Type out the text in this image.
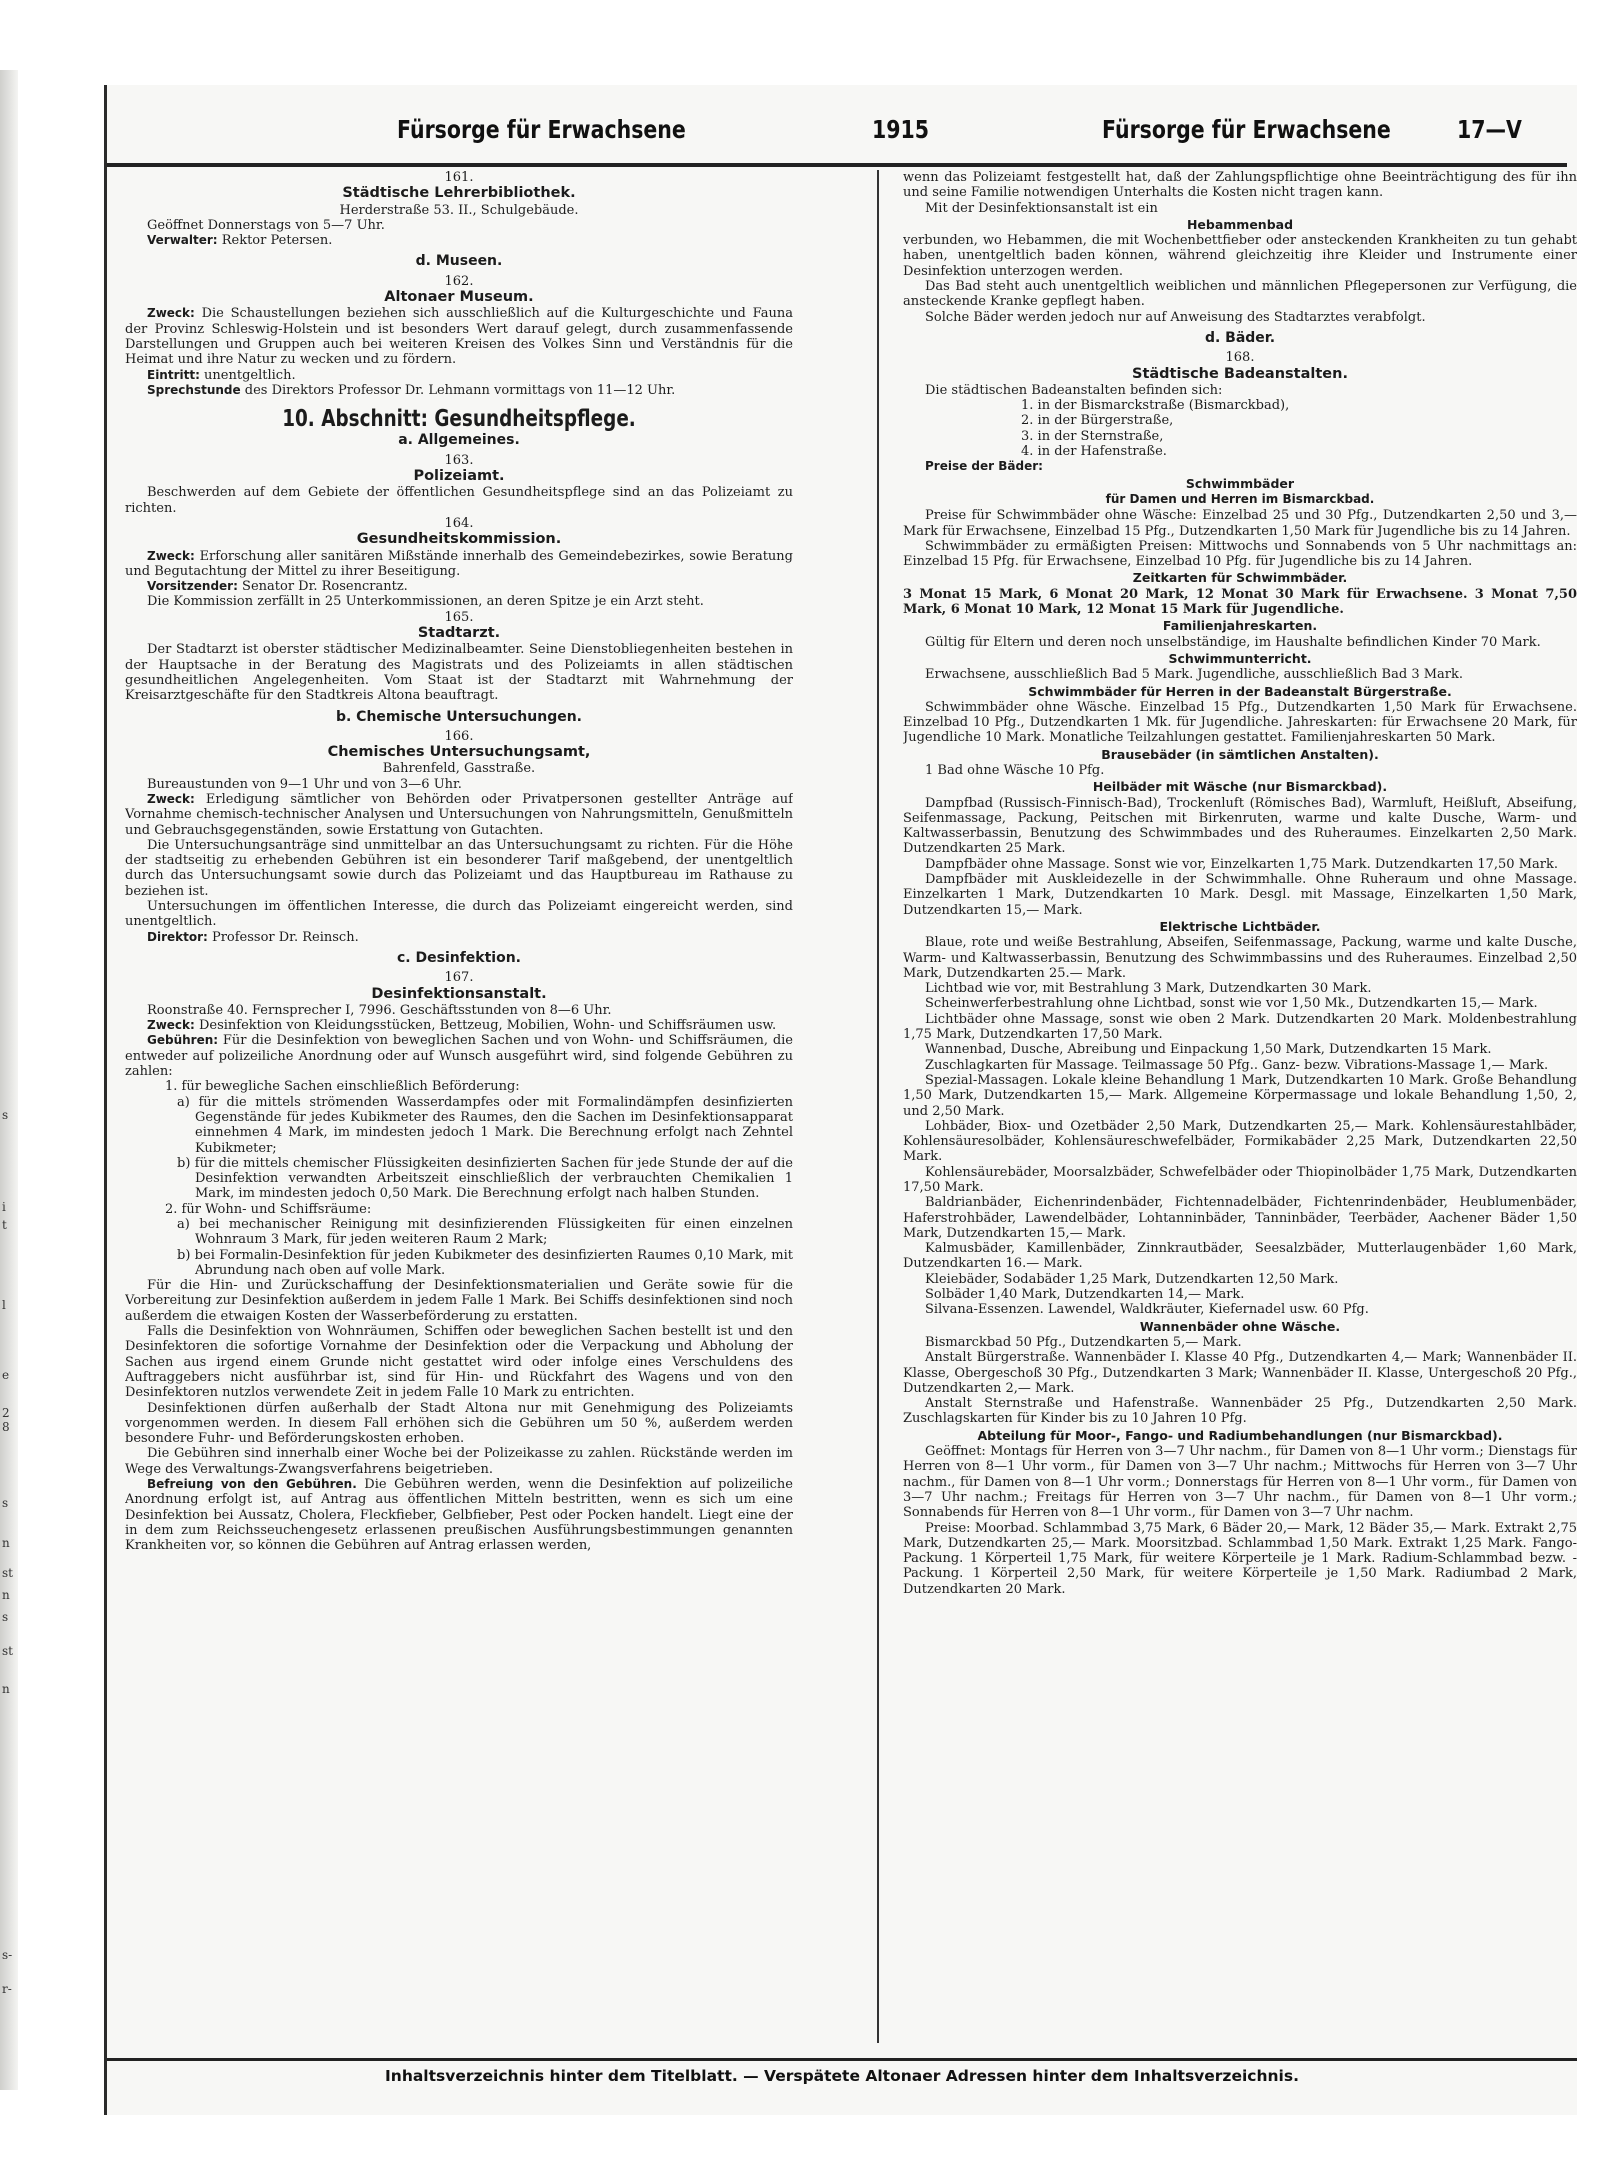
s
i
t
l
e
2
8
s
n
st
n
s
st
n
s-
r-
Fürsorge für Erwachsene	1915	Fürsorge für Erwachsene	17—V
161.
Städtische Lehrerbibliothek.
Herderstraße 53. II., Schulgebäude.

Geöffnet Donnerstags von 5—7 Uhr.

Verwalter: Rektor Petersen.

d. Museen.
162.
Altonaer Museum.

Zweck: Die Schaustellungen beziehen sich ausschließlich auf die Kulturgeschichte und Fauna der Provinz Schleswig-Holstein und ist besonders Wert darauf gelegt, durch zusammenfassende Darstellungen und Gruppen auch bei weiteren Kreisen des Volkes Sinn und Verständnis für die Heimat und ihre Natur zu wecken und zu fördern.

Eintritt: unentgeltlich.

Sprechstunde des Direktors Professor Dr. Lehmann vormittags von 11—12 Uhr.

10. Abschnitt: Gesundheitspflege.
a. Allgemeines.
163.
Polizeiamt.

Beschwerden auf dem Gebiete der öffentlichen Gesundheitspflege sind an das Polizeiamt zu richten.

164.
Gesundheitskommission.

Zweck: Erforschung aller sanitären Mißstände innerhalb des Gemeindebezirkes, sowie Beratung und Begutachtung der Mittel zu ihrer Beseitigung.

Vorsitzender: Senator Dr. Rosencrantz.

Die Kommission zerfällt in 25 Unterkommissionen, an deren Spitze je ein Arzt steht.

165.
Stadtarzt.

Der Stadtarzt ist oberster städtischer Medizinalbeamter. Seine Dienstobliegenheiten bestehen in der Hauptsache in der Beratung des Magistrats und des Polizeiamts in allen städtischen gesundheitlichen Angelegenheiten. Vom Staat ist der Stadtarzt mit Wahrnehmung der Kreisarztgeschäfte für den Stadtkreis Altona beauftragt.

b. Chemische Untersuchungen.
166.
Chemisches Untersuchungsamt,
Bahrenfeld, Gasstraße.

Bureaustunden von 9—1 Uhr und von 3—6 Uhr.

Zweck: Erledigung sämtlicher von Behörden oder Privatpersonen gestellter Anträge auf Vornahme chemisch-technischer Analysen und Untersuchungen von Nahrungsmitteln, Genußmitteln und Gebrauchsgegenständen, sowie Erstattung von Gutachten.

Die Untersuchungsanträge sind unmittelbar an das Untersuchungsamt zu richten. Für die Höhe der stadtseitig zu erhebenden Gebühren ist ein besonderer Tarif maßgebend, der unentgeltlich durch das Untersuchungsamt sowie durch das Polizeiamt und das Hauptbureau im Rathause zu beziehen ist.

Untersuchungen im öffentlichen Interesse, die durch das Polizeiamt eingereicht werden, sind unentgeltlich.

Direktor: Professor Dr. Reinsch.

c. Desinfektion.
167.
Desinfektionsanstalt.

Roonstraße 40. Fernsprecher I, 7996. Geschäftsstunden von 8—6 Uhr.

Zweck: Desinfektion von Kleidungsstücken, Bettzeug, Mobilien, Wohn- und Schiffsräumen usw.

Gebühren: Für die Desinfektion von beweglichen Sachen und von Wohn- und Schiffsräumen, die entweder auf polizeiliche Anordnung oder auf Wunsch ausgeführt wird, sind folgende Gebühren zu zahlen:

1. für bewegliche Sachen einschließlich Beförderung:

a) für die mittels strömenden Wasserdampfes oder mit Formalindämpfen desinfizierten Gegenstände für jedes Kubikmeter des Raumes, den die Sachen im Desinfektionsapparat einnehmen 4 Mark, im mindesten jedoch 1 Mark. Die Berechnung erfolgt nach Zehntel Kubikmeter;

b) für die mittels chemischer Flüssigkeiten desinfizierten Sachen für jede Stunde der auf die Desinfektion verwandten Arbeitszeit einschließlich der verbrauchten Chemikalien 1 Mark, im mindesten jedoch 0,50 Mark. Die Berechnung erfolgt nach halben Stunden.

2. für Wohn- und Schiffsräume:

a) bei mechanischer Reinigung mit desinfizierenden Flüssigkeiten für einen einzelnen Wohnraum 3 Mark, für jeden weiteren Raum 2 Mark;

b) bei Formalin-Desinfektion für jeden Kubikmeter des desinfizierten Raumes 0,10 Mark, mit Abrundung nach oben auf volle Mark.

Für die Hin- und Zurückschaffung der Desinfektionsmaterialien und Geräte sowie für die Vorbereitung zur Desinfektion außerdem in jedem Falle 1 Mark. Bei Schiffs desinfektionen sind noch außerdem die etwaigen Kosten der Wasserbeförderung zu erstatten.

Falls die Desinfektion von Wohnräumen, Schiffen oder beweglichen Sachen bestellt ist und den Desinfektoren die sofortige Vornahme der Desinfektion oder die Verpackung und Abholung der Sachen aus irgend einem Grunde nicht gestattet wird oder infolge eines Verschuldens des Auftraggebers nicht ausführbar ist, sind für Hin- und Rückfahrt des Wagens und von den Desinfektoren nutzlos verwendete Zeit in jedem Falle 10 Mark zu entrichten.

Desinfektionen dürfen außerhalb der Stadt Altona nur mit Genehmigung des Polizeiamts vorgenommen werden. In diesem Fall erhöhen sich die Gebühren um 50 %, außerdem werden besondere Fuhr- und Beförderungskosten erhoben.

Die Gebühren sind innerhalb einer Woche bei der Polizeikasse zu zahlen. Rückstände werden im Wege des Verwaltungs-Zwangsverfahrens beigetrieben.

Befreiung von den Gebühren. Die Gebühren werden, wenn die Desinfektion auf polizeiliche Anordnung erfolgt ist, auf Antrag aus öffentlichen Mitteln bestritten, wenn es sich um eine Desinfektion bei Aussatz, Cholera, Fleckfieber, Gelbfieber, Pest oder Pocken handelt. Liegt eine der in dem zum Reichsseuchengesetz erlassenen preußischen Ausführungsbestimmungen genannten Krankheiten vor, so können die Gebühren auf Antrag erlassen werden,

wenn das Polizeiamt festgestellt hat, daß der Zahlungspflichtige ohne Beeinträchtigung des für ihn und seine Familie notwendigen Unterhalts die Kosten nicht tragen kann.

Mit der Desinfektionsanstalt ist ein

Hebammenbad

verbunden, wo Hebammen, die mit Wochenbettfieber oder ansteckenden Krankheiten zu tun gehabt haben, unentgeltlich baden können, während gleichzeitig ihre Kleider und Instrumente einer Desinfektion unterzogen werden.

Das Bad steht auch unentgeltlich weiblichen und männlichen Pflegepersonen zur Verfügung, die ansteckende Kranke gepflegt haben.

Solche Bäder werden jedoch nur auf Anweisung des Stadtarztes verabfolgt.

d. Bäder.
168.
Städtische Badeanstalten.

Die städtischen Badeanstalten befinden sich:

1. in der Bismarckstraße (Bismarckbad),
2. in der Bürgerstraße,
3. in der Sternstraße,
4. in der Hafenstraße.

Preise der Bäder:

Schwimmbäder
für Damen und Herren im Bismarckbad.

Preise für Schwimmbäder ohne Wäsche: Einzelbad 25 und 30 Pfg., Dutzendkarten 2,50 und 3,— Mark für Erwachsene, Einzelbad 15 Pfg., Dutzendkarten 1,50 Mark für Jugendliche bis zu 14 Jahren.

Schwimmbäder zu ermäßigten Preisen: Mittwochs und Sonnabends von 5 Uhr nachmittags an: Einzelbad 15 Pfg. für Erwachsene, Einzelbad 10 Pfg. für Jugendliche bis zu 14 Jahren.

Zeitkarten für Schwimmbäder.

3 Monat 15 Mark, 6 Monat 20 Mark, 12 Monat 30 Mark für Erwachsene. 3 Monat 7,50 Mark, 6 Monat 10 Mark, 12 Monat 15 Mark für Jugendliche.

Familienjahreskarten.

Gültig für Eltern und deren noch unselbständige, im Haushalte befindlichen Kinder 70 Mark.

Schwimmunterricht.

Erwachsene, ausschließlich Bad 5 Mark. Jugendliche, ausschließlich Bad 3 Mark.

Schwimmbäder für Herren in der Badeanstalt Bürgerstraße.

Schwimmbäder ohne Wäsche. Einzelbad 15 Pfg., Dutzendkarten 1,50 Mark für Erwachsene. Einzelbad 10 Pfg., Dutzendkarten 1 Mk. für Jugendliche. Jahreskarten: für Erwachsene 20 Mark, für Jugendliche 10 Mark. Monatliche Teilzahlungen gestattet. Familienjahreskarten 50 Mark.

Brausebäder (in sämtlichen Anstalten).

1 Bad ohne Wäsche 10 Pfg.

Heilbäder mit Wäsche (nur Bismarckbad).

Dampfbad (Russisch-Finnisch-Bad), Trockenluft (Römisches Bad), Warmluft, Heißluft, Abseifung, Seifenmassage, Packung, Peitschen mit Birkenruten, warme und kalte Dusche, Warm- und Kaltwasserbassin, Benutzung des Schwimmbades und des Ruheraumes. Einzelkarten 2,50 Mark. Dutzendkarten 25 Mark.

Dampfbäder ohne Massage. Sonst wie vor, Einzelkarten 1,75 Mark. Dutzendkarten 17,50 Mark.

Dampfbäder mit Auskleidezelle in der Schwimmhalle. Ohne Ruheraum und ohne Massage. Einzelkarten 1 Mark, Dutzendkarten 10 Mark. Desgl. mit Massage, Einzelkarten 1,50 Mark, Dutzendkarten 15,— Mark.

Elektrische Lichtbäder.

Blaue, rote und weiße Bestrahlung, Abseifen, Seifenmassage, Packung, warme und kalte Dusche, Warm- und Kaltwasserbassin, Benutzung des Schwimmbassins und des Ruheraumes. Einzelbad 2,50 Mark, Dutzendkarten 25.— Mark.

Lichtbad wie vor, mit Bestrahlung 3 Mark, Dutzendkarten 30 Mark.

Scheinwerferbestrahlung ohne Lichtbad, sonst wie vor 1,50 Mk., Dutzendkarten 15,— Mark.

Lichtbäder ohne Massage, sonst wie oben 2 Mark. Dutzendkarten 20 Mark. Moldenbestrahlung 1,75 Mark, Dutzendkarten 17,50 Mark.

Wannenbad, Dusche, Abreibung und Einpackung 1,50 Mark, Dutzendkarten 15 Mark.

Zuschlagkarten für Massage. Teilmassage 50 Pfg.. Ganz- bezw. Vibrations-Massage 1,— Mark.

Spezial-Massagen. Lokale kleine Behandlung 1 Mark, Dutzendkarten 10 Mark. Große Behandlung 1,50 Mark, Dutzendkarten 15,— Mark. Allgemeine Körpermassage und lokale Behandlung 1,50, 2, und 2,50 Mark.

Lohbäder, Biox- und Ozetbäder 2,50 Mark, Dutzendkarten 25,— Mark. Kohlensäurestahlbäder, Kohlensäuresolbäder, Kohlensäureschwefelbäder, Formikabäder 2,25 Mark, Dutzendkarten 22,50 Mark.

Kohlensäurebäder, Moorsalzbäder, Schwefelbäder oder Thiopinolbäder 1,75 Mark, Dutzendkarten 17,50 Mark.

Baldrianbäder, Eichenrindenbäder, Fichtennadelbäder, Fichtenrindenbäder, Heublumenbäder, Haferstrohbäder, Lawendelbäder, Lohtanninbäder, Tanninbäder, Teerbäder, Aachener Bäder 1,50 Mark, Dutzendkarten 15,— Mark.

Kalmusbäder, Kamillenbäder, Zinnkrautbäder, Seesalzbäder, Mutterlaugenbäder 1,60 Mark, Dutzendkarten 16.— Mark.

Kleiebäder, Sodabäder 1,25 Mark, Dutzendkarten 12,50 Mark.

Solbäder 1,40 Mark, Dutzendkarten 14,— Mark.

Silvana-Essenzen. Lawendel, Waldkräuter, Kiefernadel usw. 60 Pfg.

Wannenbäder ohne Wäsche.

Bismarckbad 50 Pfg., Dutzendkarten 5,— Mark.

Anstalt Bürgerstraße. Wannenbäder I. Klasse 40 Pfg., Dutzendkarten 4,— Mark; Wannenbäder II. Klasse, Obergeschoß 30 Pfg., Dutzendkarten 3 Mark; Wannenbäder II. Klasse, Untergeschoß 20 Pfg., Dutzendkarten 2,— Mark.

Anstalt Sternstraße und Hafenstraße. Wannenbäder 25 Pfg., Dutzendkarten 2,50 Mark. Zuschlagskarten für Kinder bis zu 10 Jahren 10 Pfg.

Abteilung für Moor-, Fango- und Radiumbehandlungen (nur Bismarckbad).

Geöffnet: Montags für Herren von 3—7 Uhr nachm., für Damen von 8—1 Uhr vorm.; Dienstags für Herren von 8—1 Uhr vorm., für Damen von 3—7 Uhr nachm.; Mittwochs für Herren von 3—7 Uhr nachm., für Damen von 8—1 Uhr vorm.; Donnerstags für Herren von 8—1 Uhr vorm., für Damen von 3—7 Uhr nachm.; Freitags für Herren von 3—7 Uhr nachm., für Damen von 8—1 Uhr vorm.; Sonnabends für Herren von 8—1 Uhr vorm., für Damen von 3—7 Uhr nachm.

Preise: Moorbad. Schlammbad 3,75 Mark, 6 Bäder 20,— Mark, 12 Bäder 35,— Mark. Extrakt 2,75 Mark, Dutzendkarten 25,— Mark. Moorsitzbad. Schlammbad 1,50 Mark. Extrakt 1,25 Mark. Fango-Packung. 1 Körperteil 1,75 Mark, für weitere Körperteile je 1 Mark. Radium-Schlammbad bezw. -Packung. 1 Körperteil 2,50 Mark, für weitere Körperteile je 1,50 Mark. Radiumbad 2 Mark, Dutzendkarten 20 Mark.

Inhaltsverzeichnis hinter dem Titelblatt. — Verspätete Altonaer Adressen hinter dem Inhaltsverzeichnis.
